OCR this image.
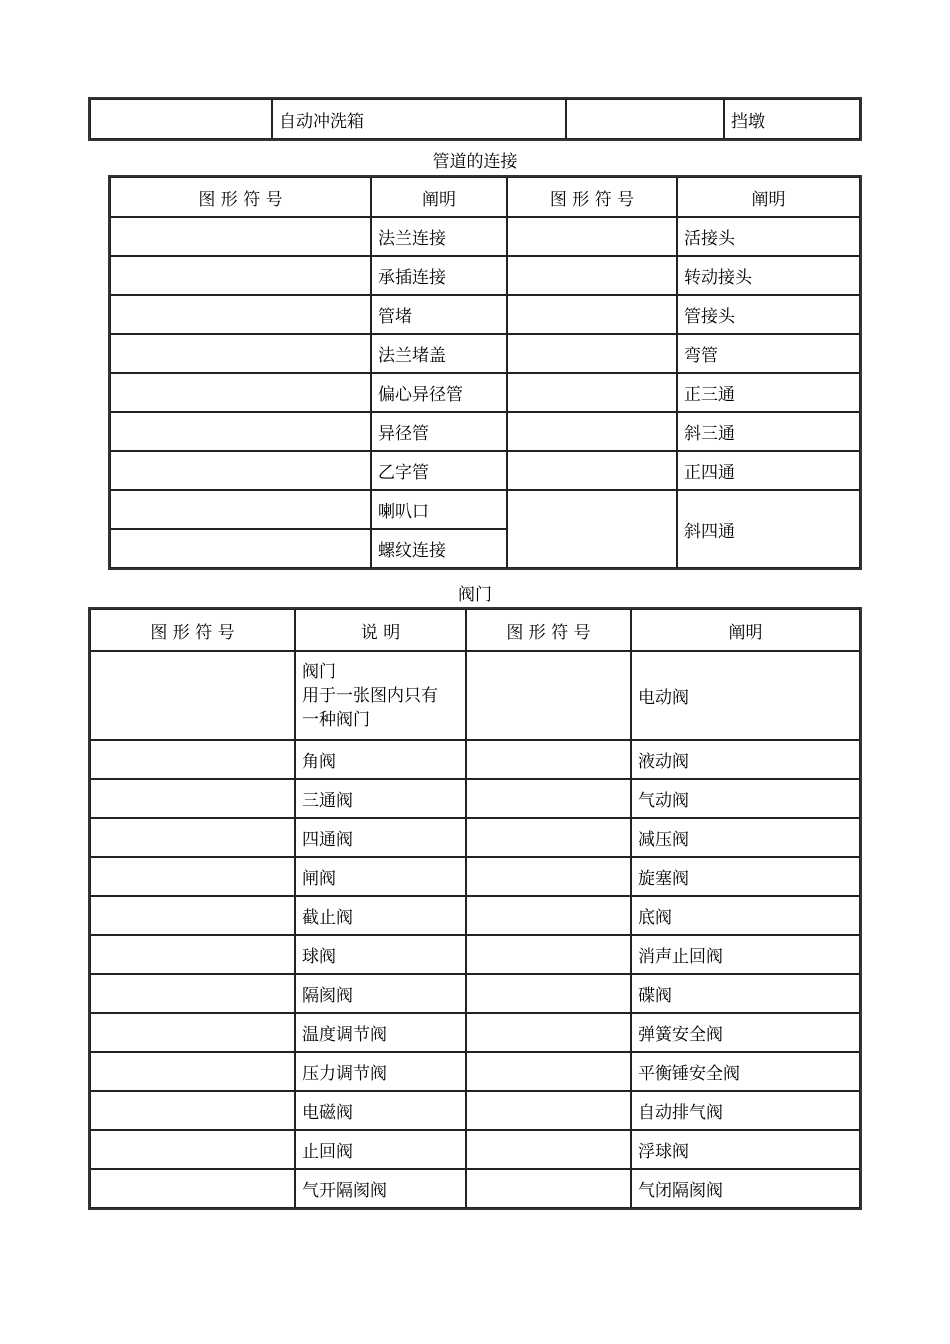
	自动冲洗箱		挡墩
管道的连接
图 形 符 号	阐明	图 形 符 号	阐明
	法兰连接		活接头
	承插连接		转动接头
	管堵		管接头
	法兰堵盖		弯管
	偏心异径管		正三通
	异径管		斜三通
	乙字管		正四通
	喇叭口		斜四通
	螺纹连接		
阀门
图 形 符 号	说 明	图 形 符 号	阐明

	阀门
用于一张图内只有
一种阀门		电动阀
	角阀		液动阀
	三通阀		气动阀
	四通阀		减压阀
	闸阀		旋塞阀
	截止阀		底阀
	球阀		消声止回阀
	隔阂阀		碟阀
	温度调节阀		弹簧安全阀
	压力调节阀		平衡锤安全阀
	电磁阀		自动排气阀
	止回阀		浮球阀
	气开隔阂阀		气闭隔阂阀
